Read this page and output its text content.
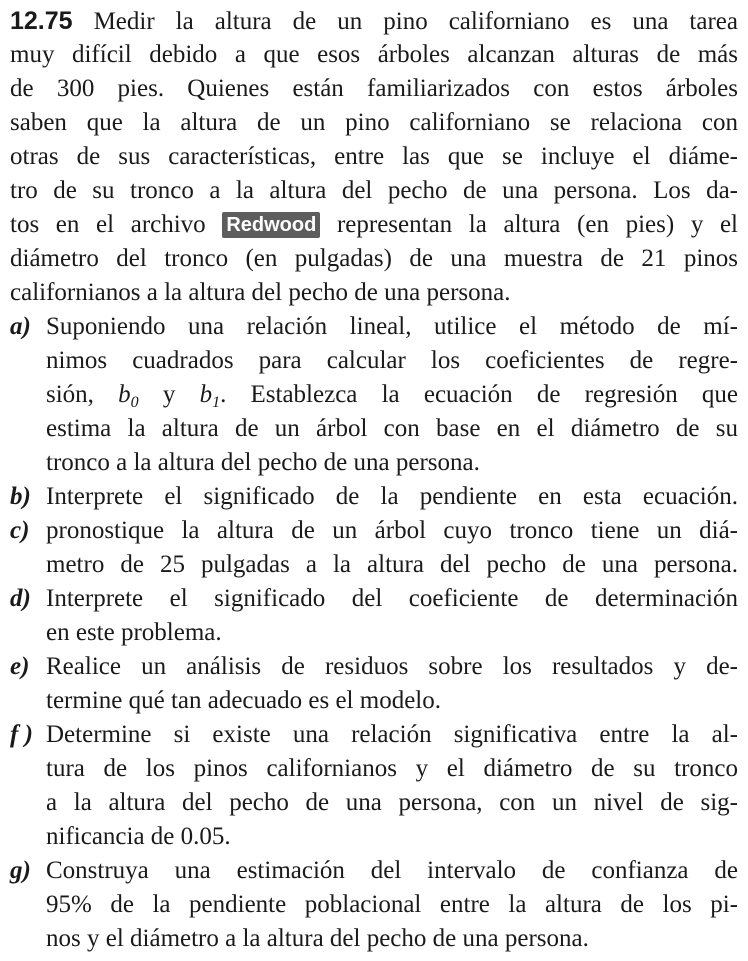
12.75 Medir la altura de un pino californiano es una tarea
muy difícil debido a que esos árboles alcanzan alturas de más
de 300 pies. Quienes están familiarizados con estos árboles
saben que la altura de un pino californiano se relaciona con
otras de sus características, entre las que se incluye el diáme-
tro de su tronco a la altura del pecho de una persona. Los da-
tos en el archivo Redwood representan la altura (en pies) y el
diámetro del tronco (en pulgadas) de una muestra de 21 pinos
californianos a la altura del pecho de una persona.
a) Suponiendo una relación lineal, utilice el método de mí-
nimos cuadrados para calcular los coeficientes de regre-
sión, $b_0$ y $b_1$. Establezca la ecuación de regresión que
estima la altura de un árbol con base en el diámetro de su
tronco a la altura del pecho de una persona.
b) Interprete el significado de la pendiente en esta ecuación.
c) pronostique la altura de un árbol cuyo tronco tiene un diá-
metro de 25 pulgadas a la altura del pecho de una persona.
d) Interprete el significado del coeficiente de determinación
en este problema.
e) Realice un análisis de residuos sobre los resultados y de-
termine qué tan adecuado es el modelo.
f ) Determine si existe una relación significativa entre la al-
tura de los pinos californianos y el diámetro de su tronco
a la altura del pecho de una persona, con un nivel de sig-
nificancia de 0.05.
g) Construya una estimación del intervalo de confianza de
95% de la pendiente poblacional entre la altura de los pi-
nos y el diámetro a la altura del pecho de una persona.
